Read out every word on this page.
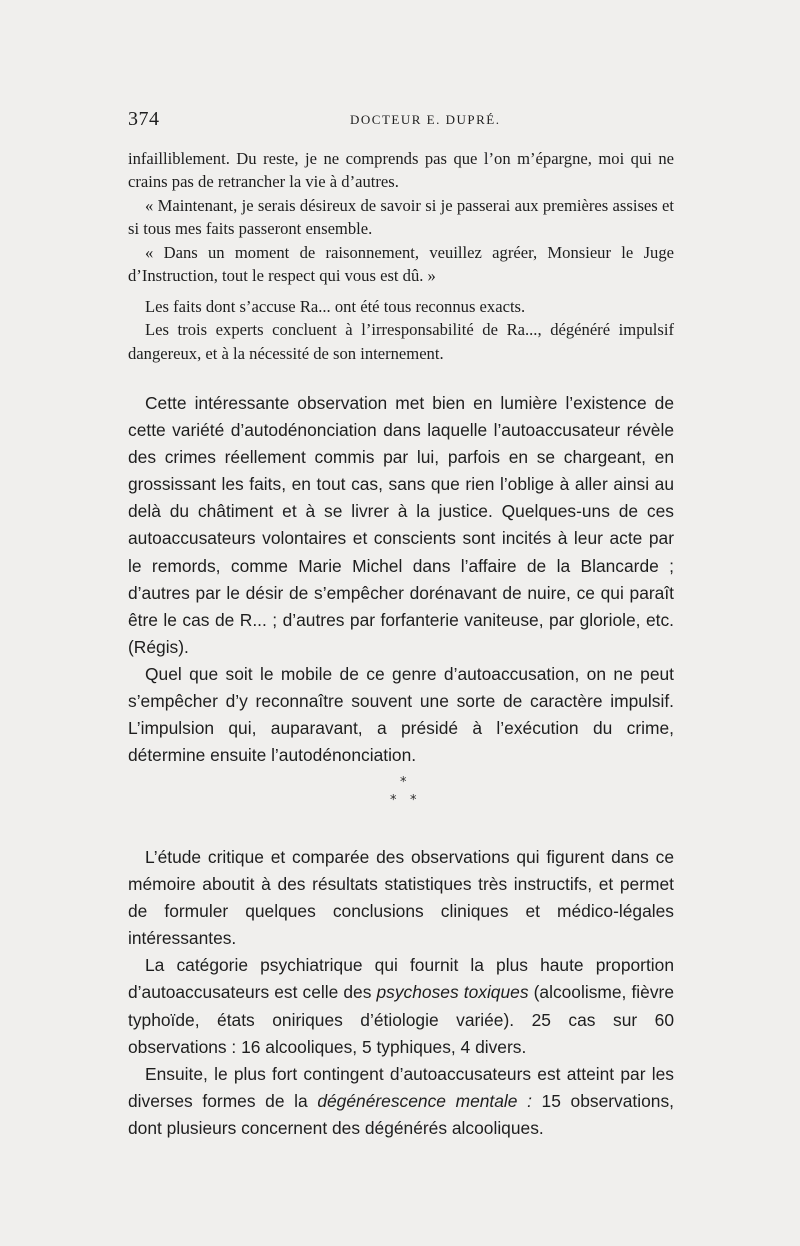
374	DOCTEUR E. DUPRÉ.

infailliblement. Du reste, je ne comprends pas que l’on m’épargne, moi qui ne crains pas de retrancher la vie à d’autres.

« Maintenant, je serais désireux de savoir si je passerai aux premières assises et si tous mes faits passeront ensemble.

« Dans un moment de raisonnement, veuillez agréer, Monsieur le Juge d’Instruction, tout le respect qui vous est dû. »

Les faits dont s’accuse Ra... ont été tous reconnus exacts.

Les trois experts concluent à l’irresponsabilité de Ra..., dégénéré impulsif dangereux, et à la nécessité de son internement.

Cette intéressante observation met bien en lumière l’existence de cette variété d’autodénonciation dans laquelle l’autoaccusateur révèle des crimes réellement commis par lui, parfois en se chargeant, en grossissant les faits, en tout cas, sans que rien l’oblige à aller ainsi au delà du châtiment et à se livrer à la justice. Quelques-uns de ces autoaccusateurs volontaires et conscients sont incités à leur acte par le remords, comme Marie Michel dans l’affaire de la Blancarde ; d’autres par le désir de s’empêcher dorénavant de nuire, ce qui paraît être le cas de R... ; d’autres par forfanterie vaniteuse, par gloriole, etc. (Régis).

Quel que soit le mobile de ce genre d’autoaccusation, on ne peut s’empêcher d’y reconnaître souvent une sorte de caractère impulsif. L’impulsion qui, auparavant, a présidé à l’exécution du crime, détermine ensuite l’autodénonciation.

*
* *

L’étude critique et comparée des observations qui figurent dans ce mémoire aboutit à des résultats statistiques très instructifs, et permet de formuler quelques conclusions cliniques et médico-légales intéressantes.

La catégorie psychiatrique qui fournit la plus haute proportion d’autoaccusateurs est celle des psychoses toxiques (alcoolisme, fièvre typhoïde, états oniriques d’étiologie variée). 25 cas sur 60 observations : 16 alcooliques, 5 typhiques, 4 divers.

Ensuite, le plus fort contingent d’autoaccusateurs est atteint par les diverses formes de la dégénérescence mentale : 15 observations, dont plusieurs concernent des dégénérés alcooliques.
